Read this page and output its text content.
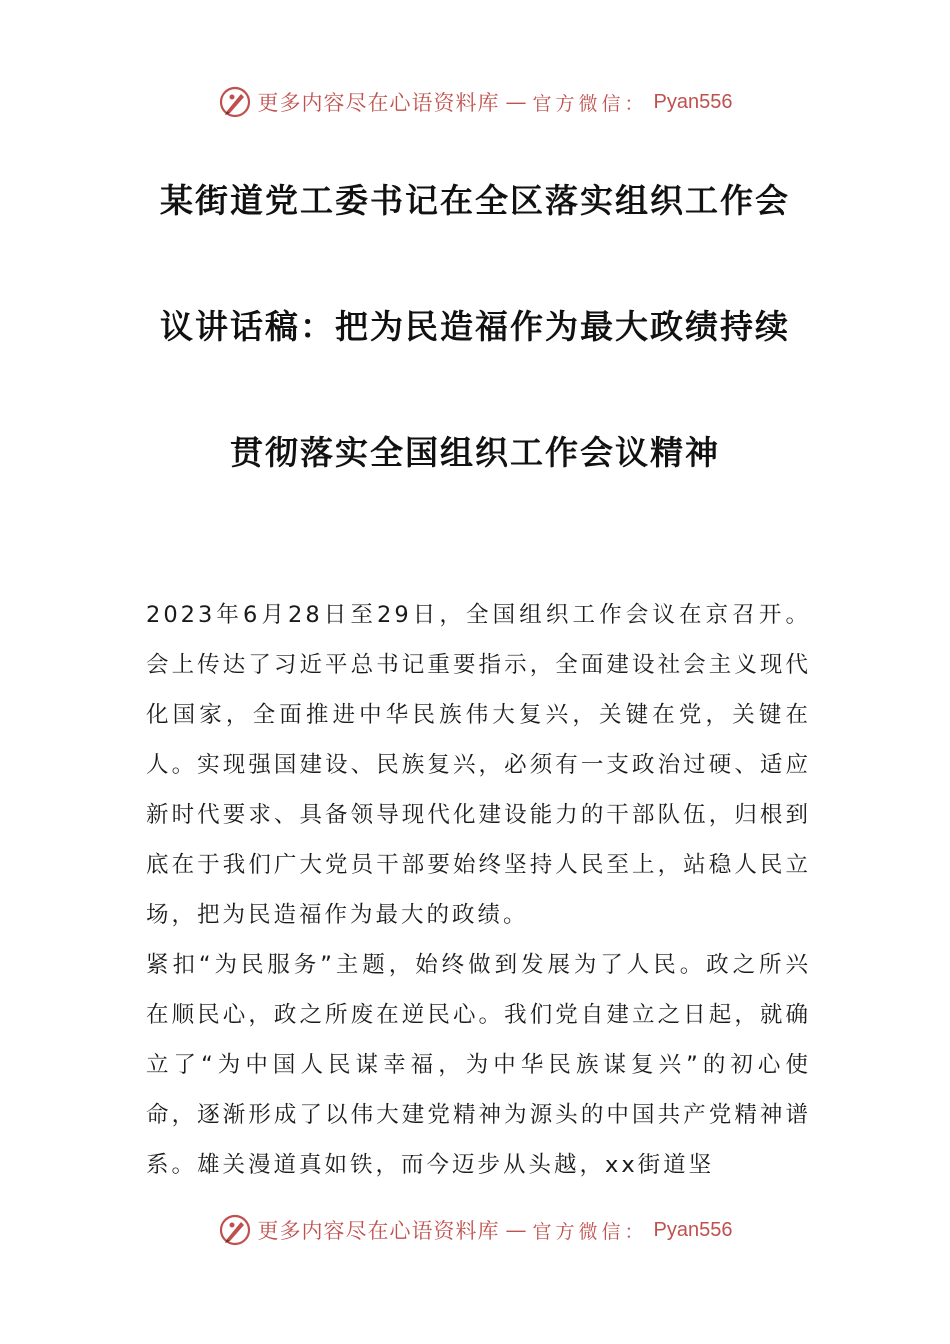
更多内容尽在心语资料库 — 官方微信： Pyan556
某街道党工委书记在全区落实组织工作会
议讲话稿：把为民造福作为最大政绩持续
贯彻落实全国组织工作会议精神

2023年6月28日至29日，全国组织工作会议在京召开。会上传达了习近平总书记重要指示，全面建设社会主义现代化国家，全面推进中华民族伟大复兴，关键在党，关键在人。实现强国建设、民族复兴，必须有一支政治过硬、适应新时代要求、具备领导现代化建设能力的干部队伍，归根到底在于我们广大党员干部要始终坚持人民至上，站稳人民立场，把为民造福作为最大的政绩。

紧扣“为民服务”主题，始终做到发展为了人民。政之所兴在顺民心，政之所废在逆民心。我们党自建立之日起，就确立了“为中国人民谋幸福，为中华民族谋复兴”的初心使命，逐渐形成了以伟大建党精神为源头的中国共产党精神谱系。雄关漫道真如铁，而今迈步从头越，xx街道坚

更多内容尽在心语资料库 — 官方微信： Pyan556
